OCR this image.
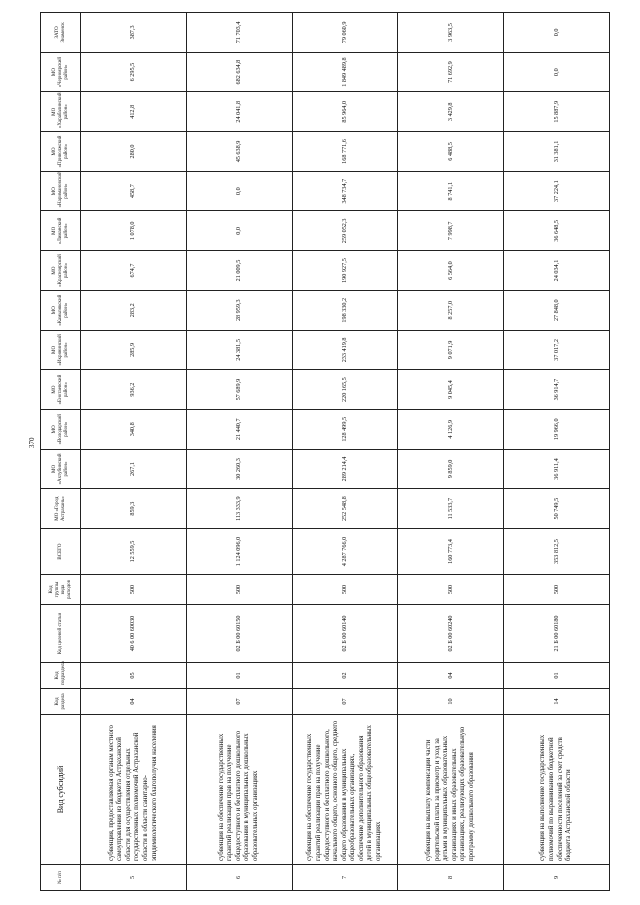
370
№ п/п	Вид субсидий	Код раздела	Код подраздела	Код целевой статьи	Код группы вида расходов	ВСЕГО	МО «Город Астрахань»	МО «Ахтубинский район»	МО «Володарский район»	МО «Енотаевский район»	МО «Икрянинский район»	МО «Камызякский район»	МО «Красноярский район»	МО «Лиманский район»	МО «Наримановский район»	МО «Приволжский район»	МО «Харабалинский район»	МО «Черноярский район»	ЗАТО Знаменск
5	субвенция, предоставляемая органам местного самоуправления из бюджета Астраханской области для осуществления отдельных государственных полномочий Астраханской области в области санитарно-эпидемиологического благополучия населения	04	05	40 6 00 60030	500	12 559,5	859,3	267,1	340,8	936,2	285,9	283,2	674,7	1 078,0	458,7	280,0	412,8	6 295,5	387,3
6	субвенция на обеспечение государственных гарантий реализации прав на получение общедоступного и бесплатного дошкольного образования в муниципальных дошкольных образовательных организациях	07	01	02 Б 00 60150	500	1 124 096,0	113 333,9	30 260,3	21 440,7	57 689,9	24 381,5	28 959,3	21 009,5	0,0	0,0	45 638,9	24 041,8	682 634,8	71 703,4
7	субвенция на обеспечение государственных гарантий реализации прав на получение общедоступного и бесплатного дошкольного, начального общего, основного общего, среднего общего образования в муниципальных общеобразовательных организациях, обеспечение дополнительного образования детей в муниципальных общеобразовательных организациях	07	02	02 Б 00 60140	500	4 287 766,0	252 548,8	289 214,4	128 499,5	220 165,5	233 419,8	198 330,2	190 927,5	259 052,3	348 734,7	168 771,6	85 964,0	1 849 489,8	79 060,9
8	субвенция на выплату компенсации части родительской платы за присмотр и уход за детьми в муниципальных образовательных организациях и иных образовательных организациях, реализующих образовательную программу дошкольного образования	10	04	02 Б 00 60240	500	160 773,4	11 533,7	9 859,0	4 126,9	9 045,4	9 071,9	8 257,0	6 564,0	7 998,7	8 741,1	6 488,5	3 429,8	71 692,9	3 963,5
9	субвенция на выполнение государственных полномочий по выравниванию бюджетной обеспеченности поселений за счет средств бюджета Астраханской области	14	01	21 Б 00 60180	500	353 812,5	50 749,5	36 911,4	19 966,0	36 914,7	37 017,2	27 848,0	24 034,1	36 648,5	37 224,1	31 381,1	15 887,9	0,0	0,0
